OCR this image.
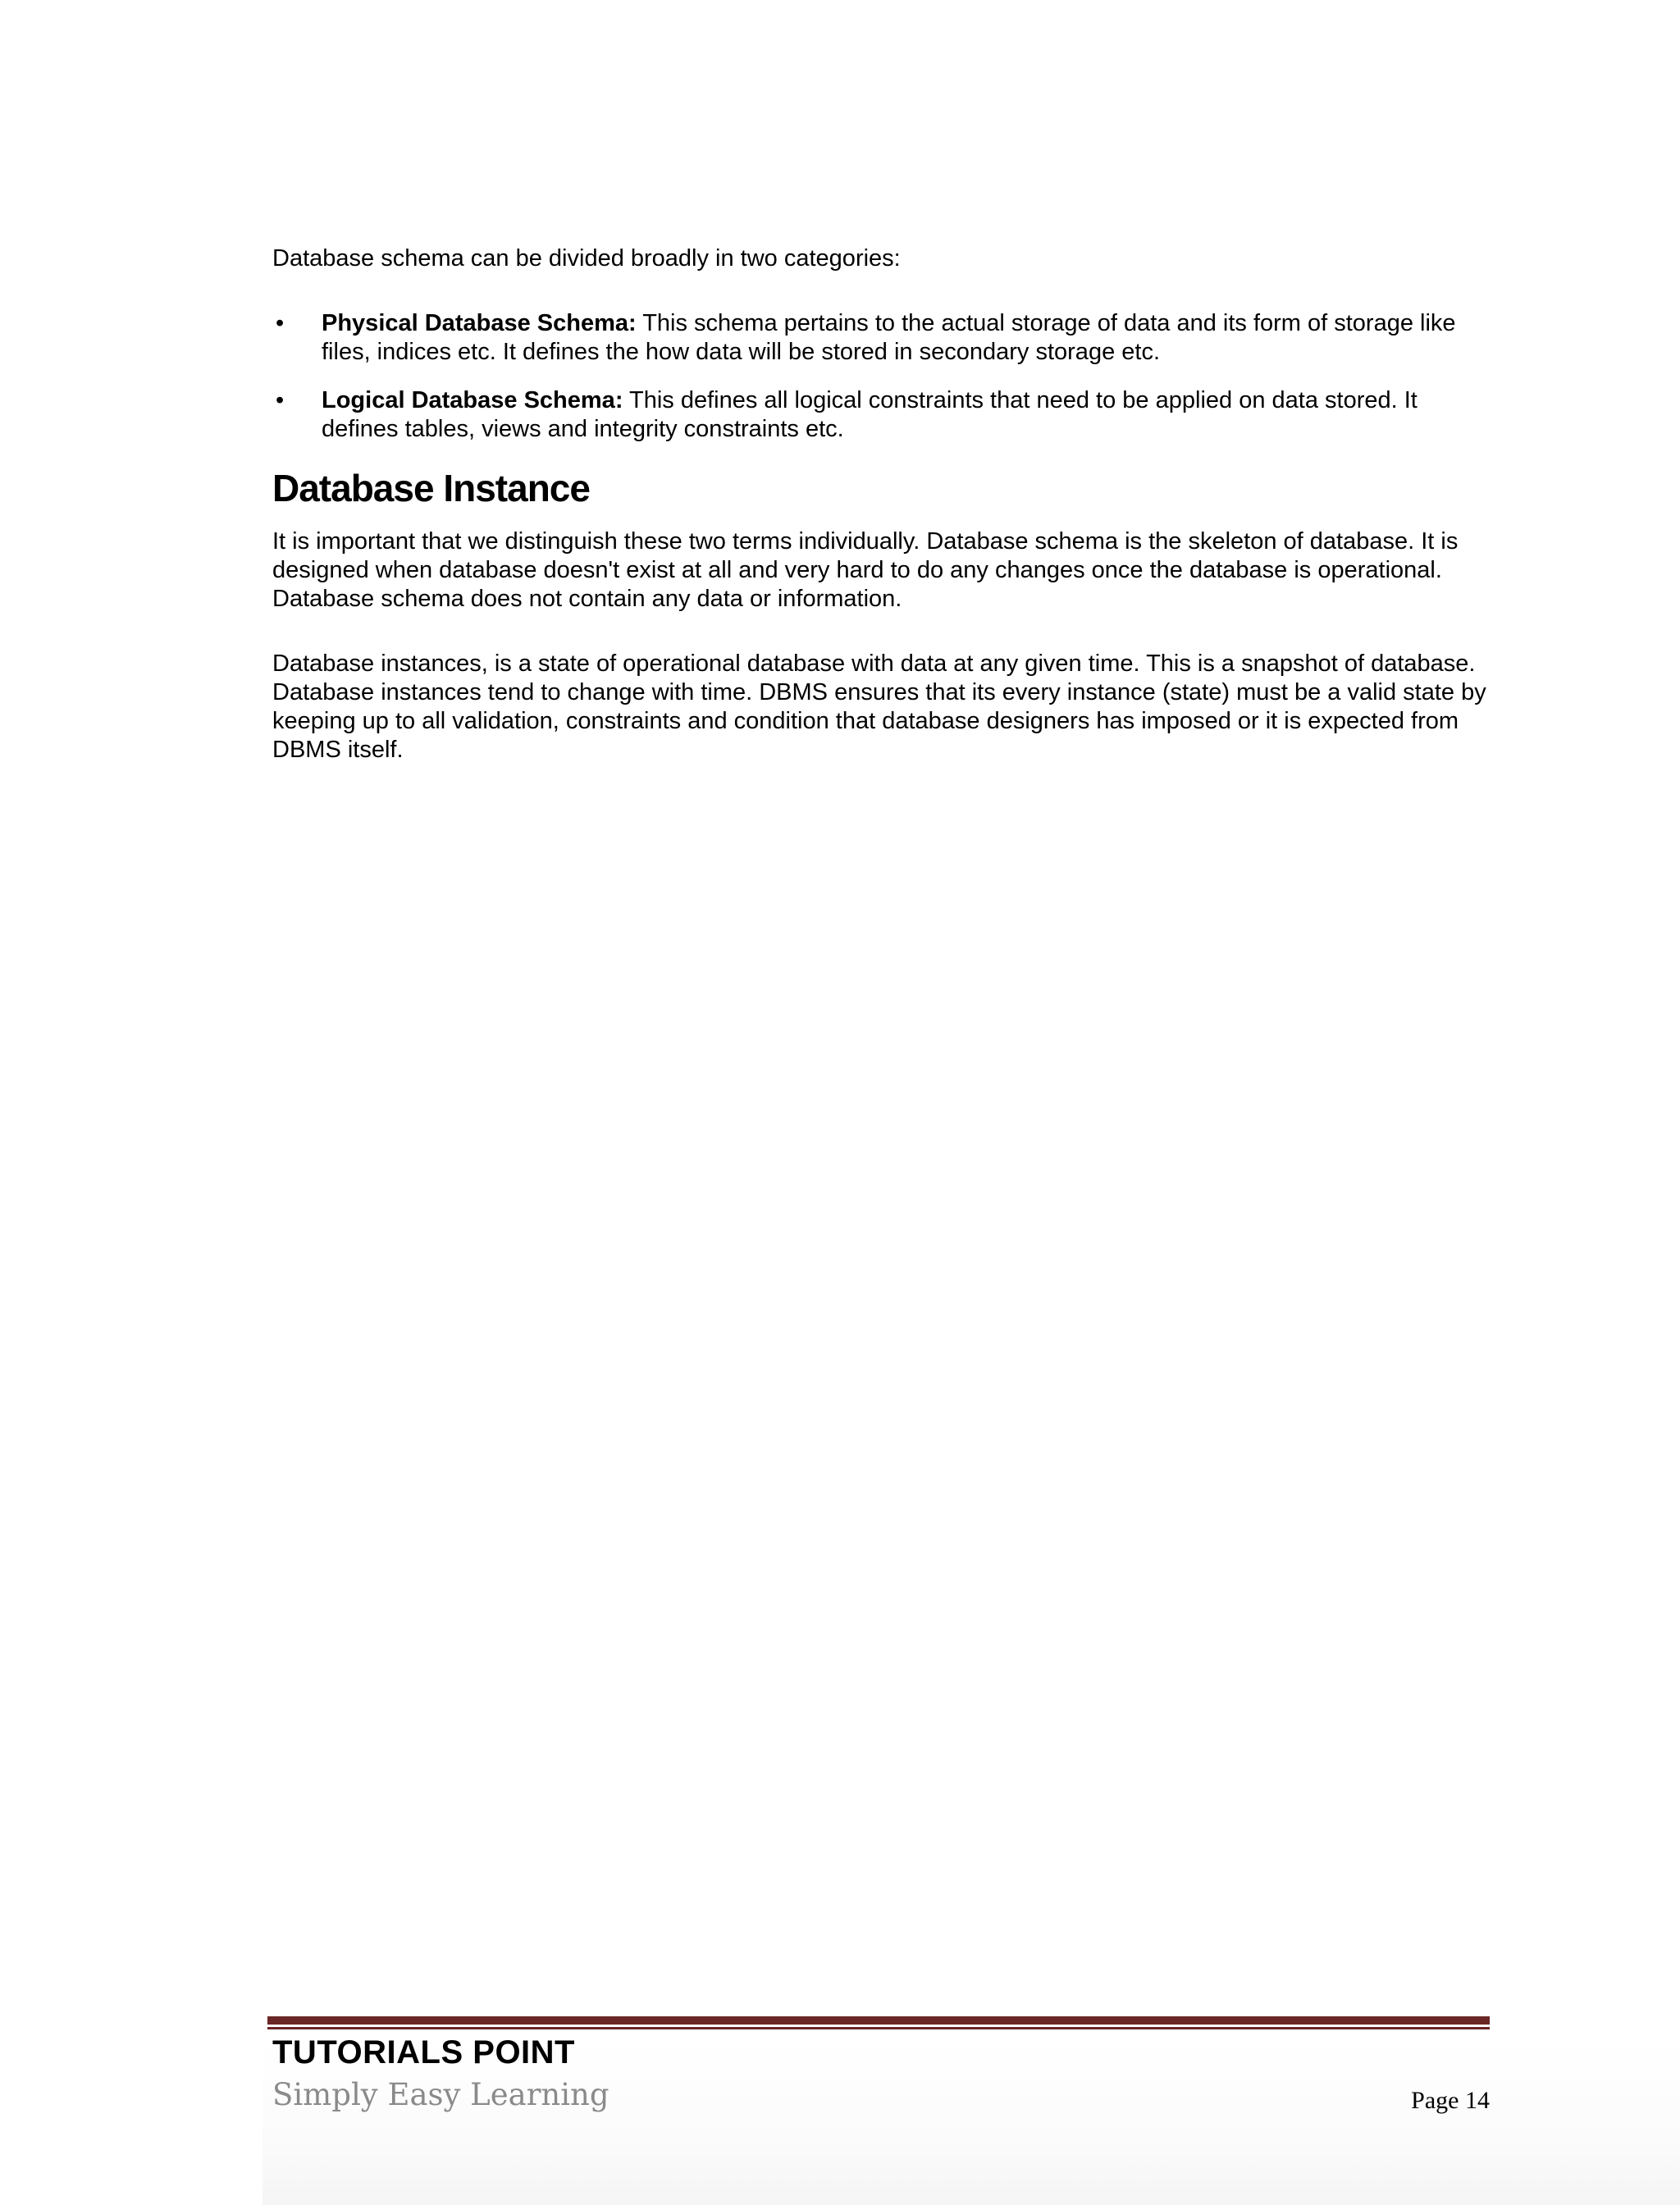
Database schema can be divided broadly in two categories:

• Physical Database Schema: This schema pertains to the actual storage of data and its form of storage like files, indices etc. It defines the how data will be stored in secondary storage etc.
• Logical Database Schema: This defines all logical constraints that need to be applied on data stored. It defines tables, views and integrity constraints etc.
Database Instance

It is important that we distinguish these two terms individually. Database schema is the skeleton of database. It is designed when database doesn't exist at all and very hard to do any changes once the database is operational. Database schema does not contain any data or information.

Database instances, is a state of operational database with data at any given time. This is a snapshot of database. Database instances tend to change with time. DBMS ensures that its every instance (state) must be a valid state by keeping up to all validation, constraints and condition that database designers has imposed or it is expected from DBMS itself.

TUTORIALS POINT
Simply Easy Learning	Page 14
